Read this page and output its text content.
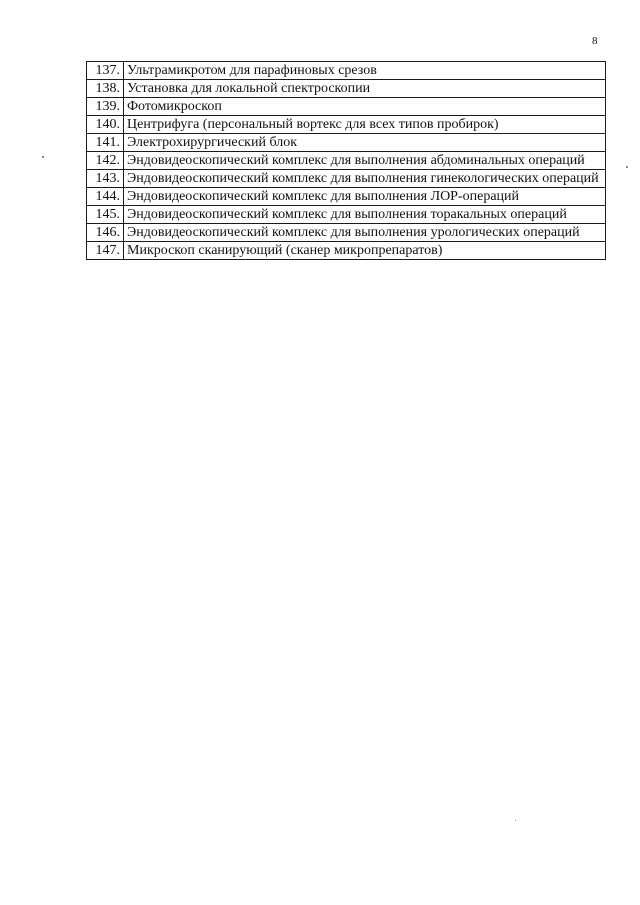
8
137.	Ультрамикротом для парафиновых срезов
138.	Установка для локальной спектроскопии
139.	Фотомикроскоп
140.	Центрифуга (персональный вортекс для всех типов пробирок)
141.	Электрохирургический блок
142.	Эндовидеоскопический комплекс для выполнения абдоминальных операций
143.	Эндовидеоскопический комплекс для выполнения гинекологических операций
144.	Эндовидеоскопический комплекс для выполнения ЛОР-операций
145.	Эндовидеоскопический комплекс для выполнения торакальных операций
146.	Эндовидеоскопический комплекс для выполнения урологических операций
147.	Микроскоп сканирующий (сканер микропрепаратов)
